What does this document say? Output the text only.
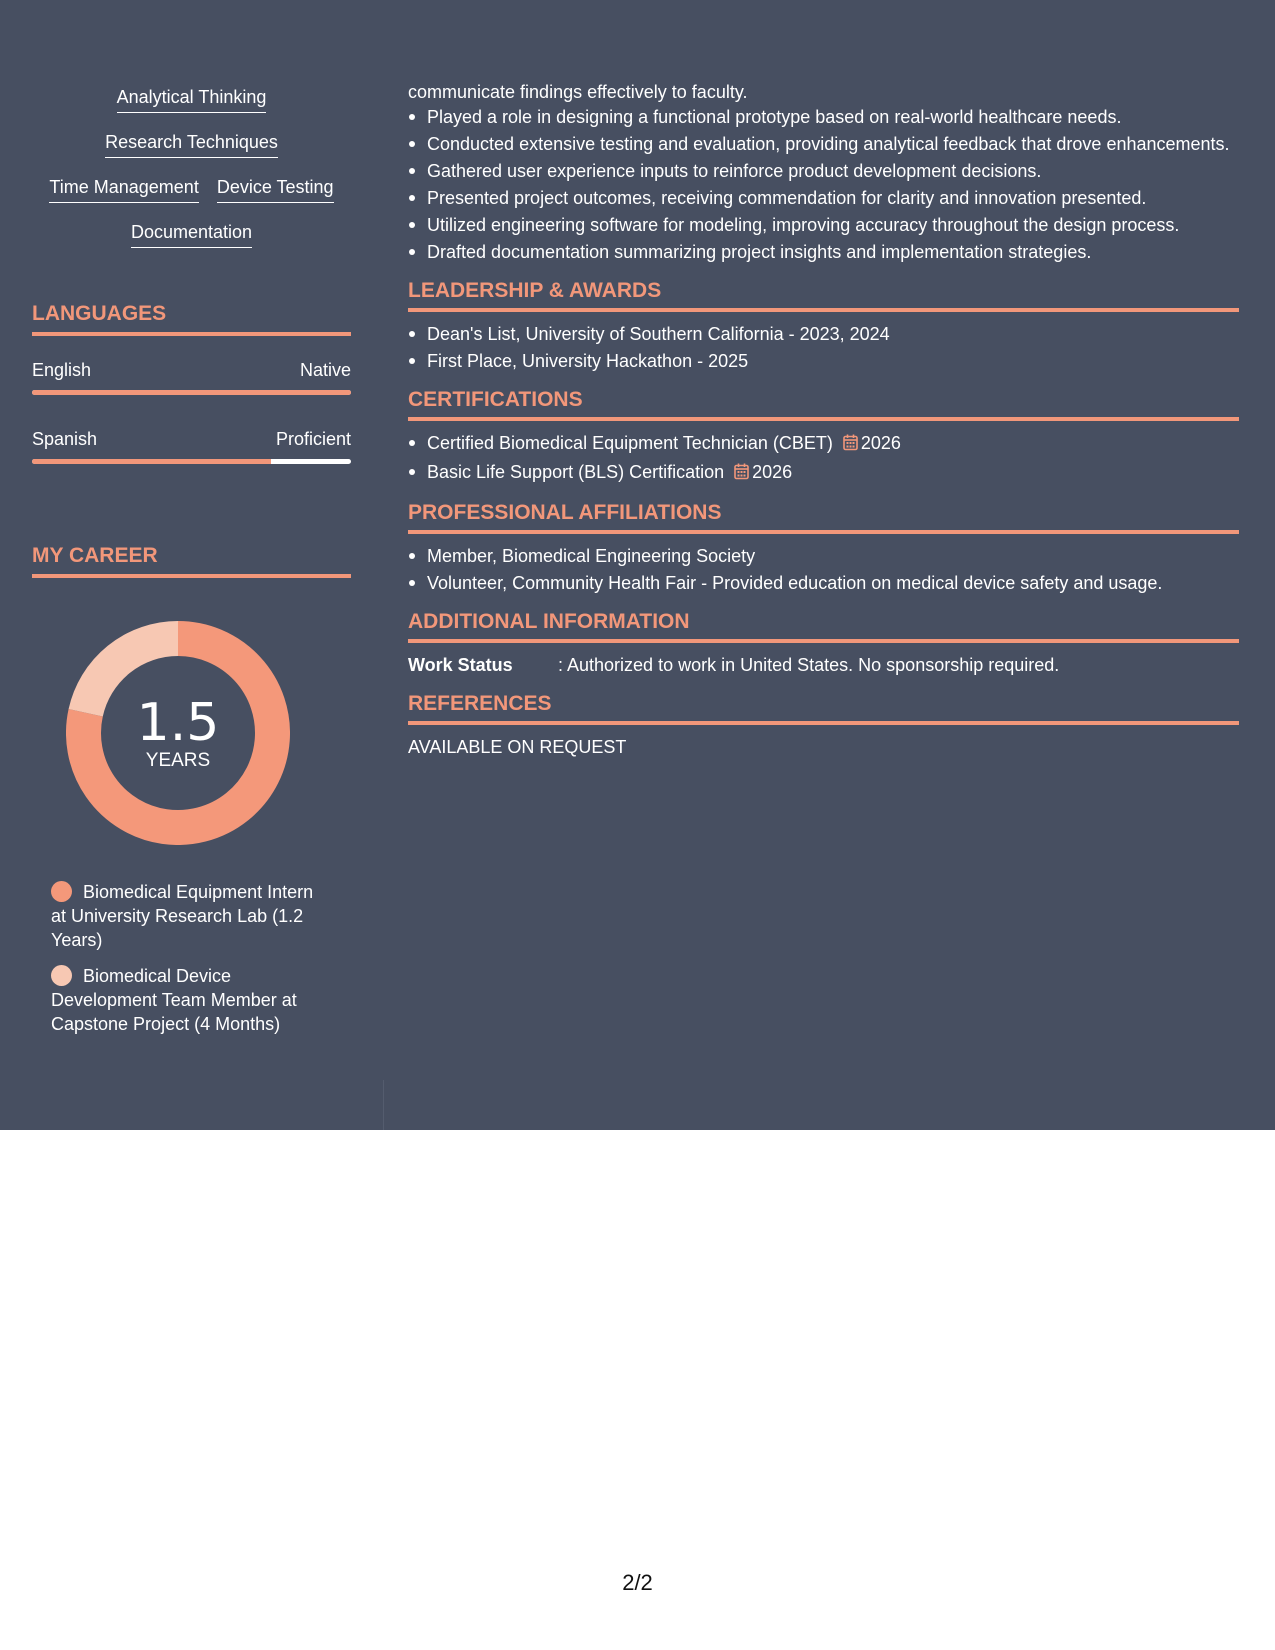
Analytical Thinking
Research Techniques
Time Management Device Testing
Documentation
LANGUAGES
English	Native
Spanish	Proficient
MY CAREER
1.5
YEARS
Biomedical Equipment Intern at University Research Lab (1.2 Years)
Biomedical Device Development Team Member at Capstone Project (4 Months)
communicate findings effectively to faculty.
Played a role in designing a functional prototype based on real-world healthcare needs.
Conducted extensive testing and evaluation, providing analytical feedback that drove enhancements.
Gathered user experience inputs to reinforce product development decisions.
Presented project outcomes, receiving commendation for clarity and innovation presented.
Utilized engineering software for modeling, improving accuracy throughout the design process.
Drafted documentation summarizing project insights and implementation strategies.
LEADERSHIP & AWARDS
Dean's List, University of Southern California - 2023, 2024
First Place, University Hackathon - 2025
CERTIFICATIONS
Certified Biomedical Equipment Technician (CBET) 2026
Basic Life Support (BLS) Certification 2026
PROFESSIONAL AFFILIATIONS
Member, Biomedical Engineering Society
Volunteer, Community Health Fair - Provided education on medical device safety and usage.
ADDITIONAL INFORMATION
Work Status	: Authorized to work in United States. No sponsorship required.
REFERENCES
AVAILABLE ON REQUEST
2/2
